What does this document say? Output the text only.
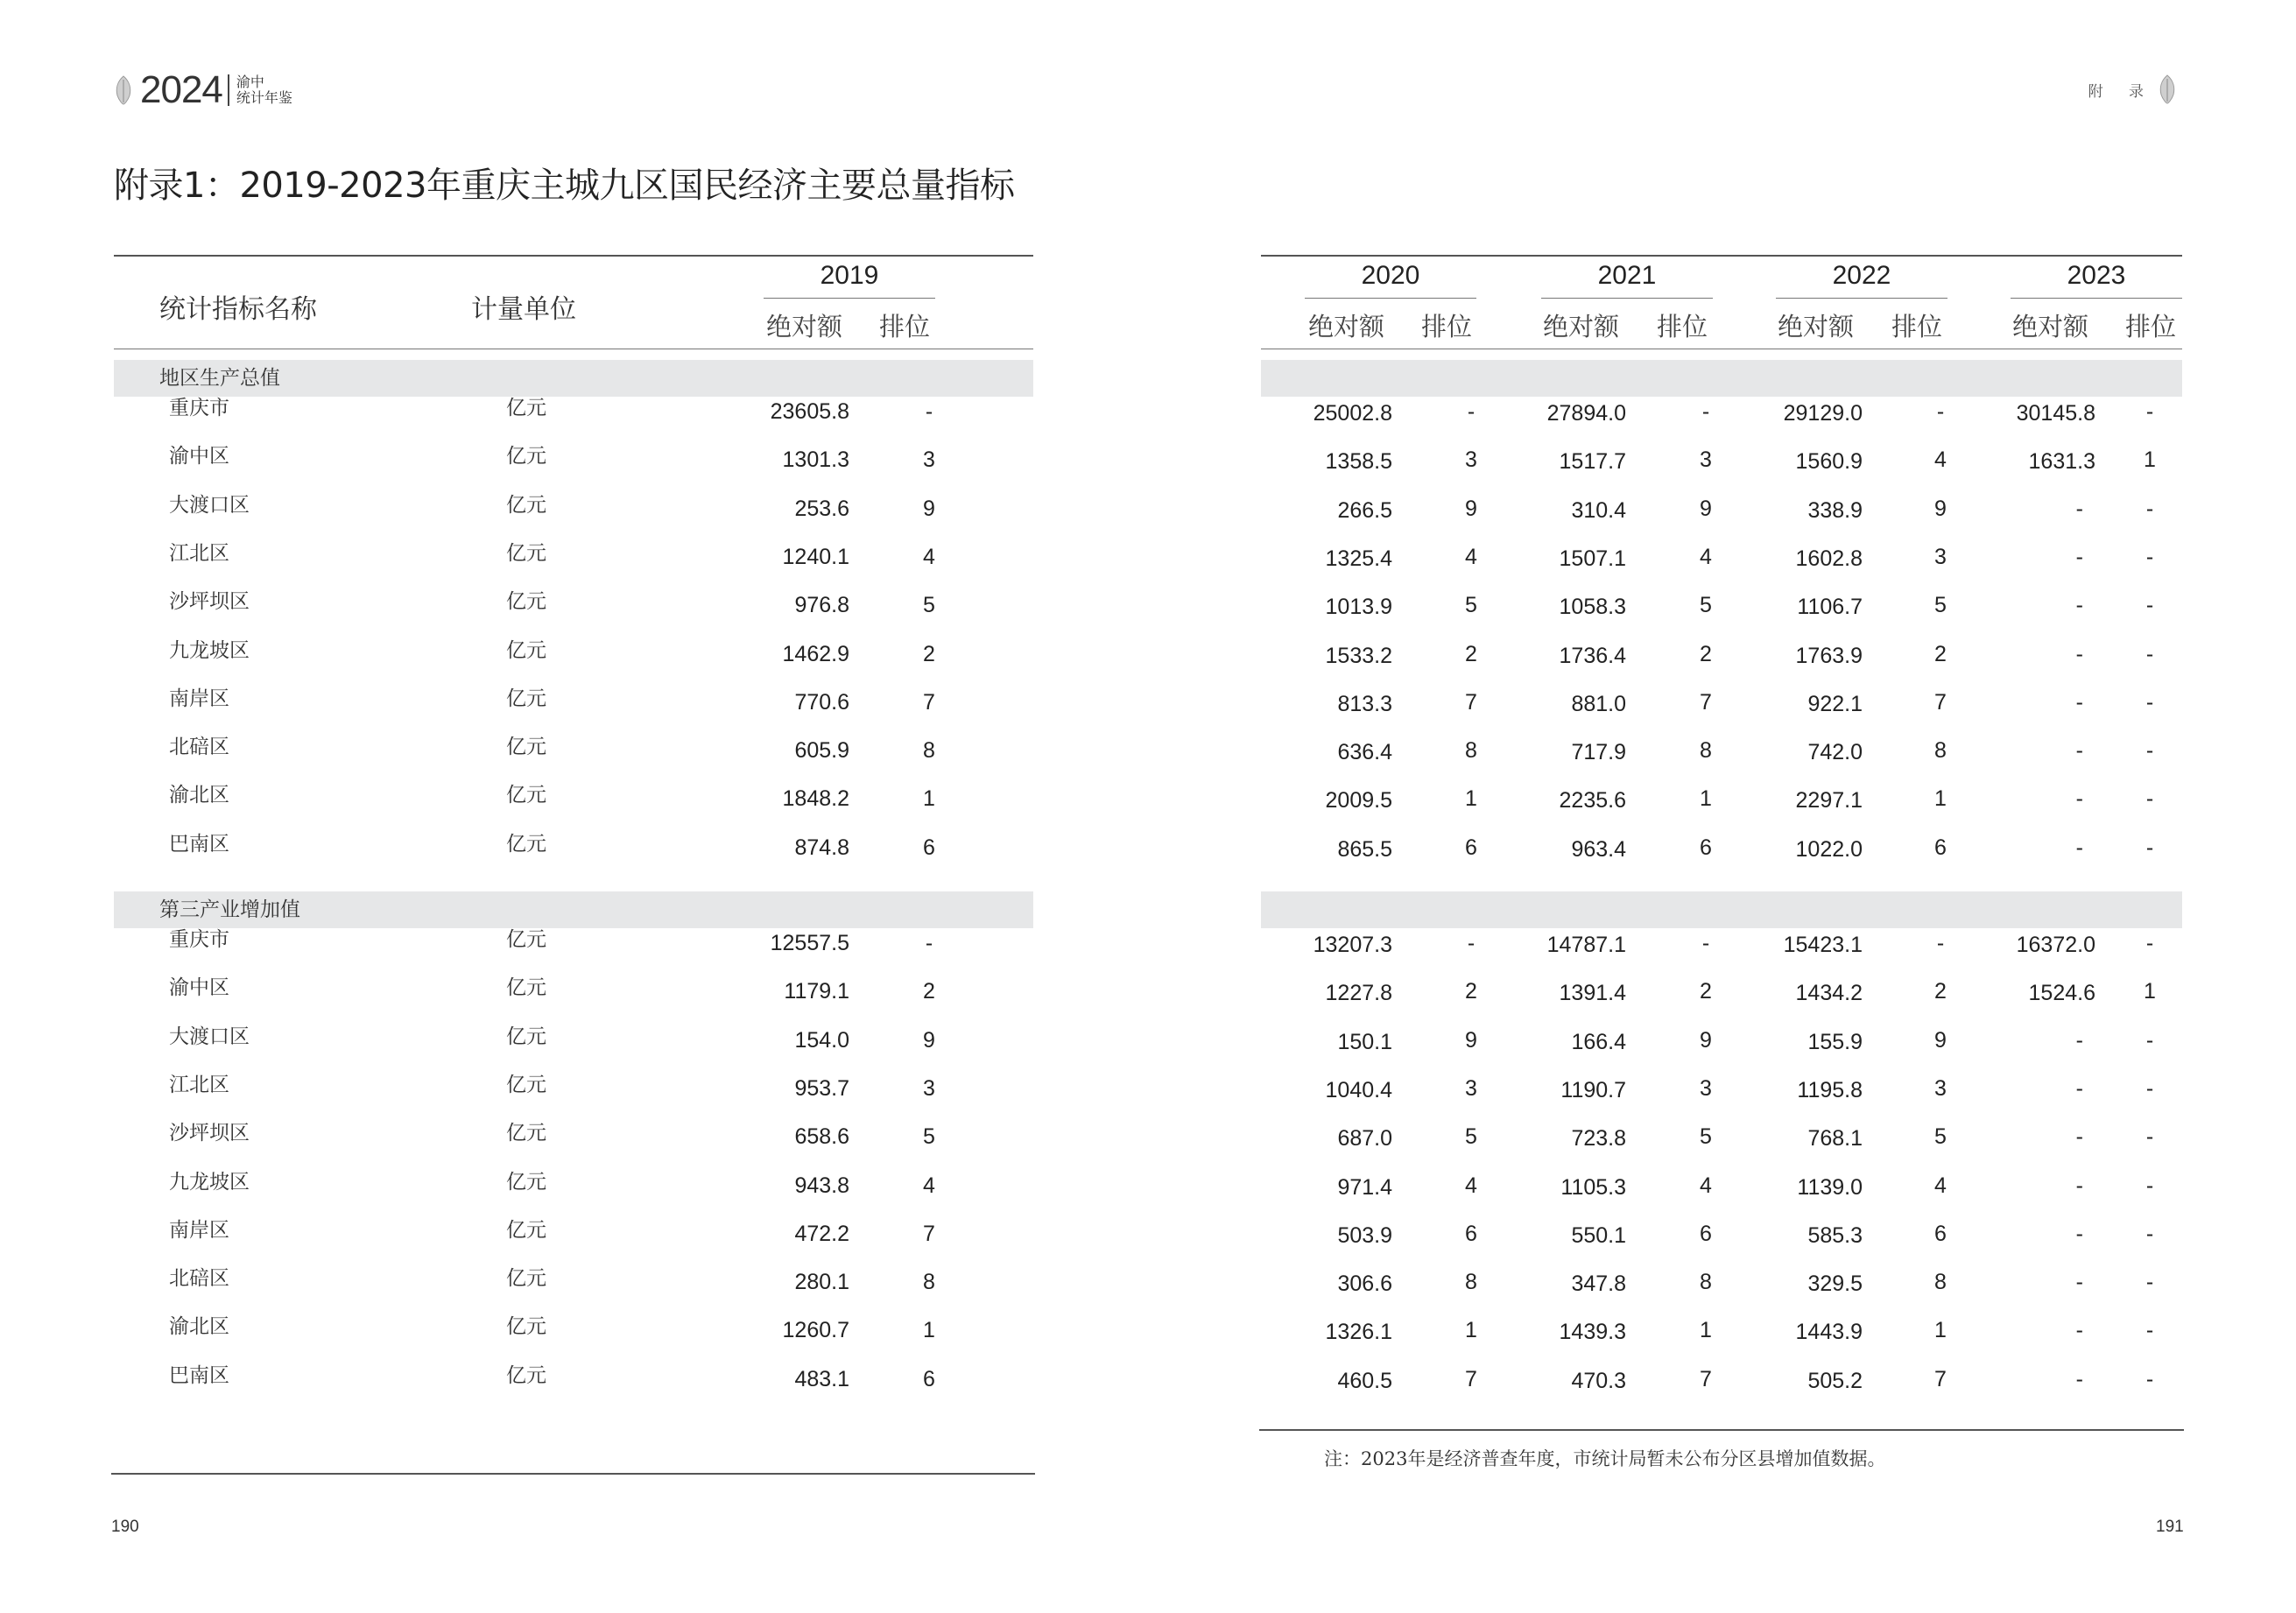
2024 渝中
统计年鉴	附 录
附录1：2019-2023年重庆主城九区国民经济主要总量指标
统计指标名称	计量单位
2019
绝对额 排位
2020
绝对额 排位
2021
绝对额 排位
2022
绝对额 排位
2023
绝对额 排位
地区生产总值
第三产业增加值
重庆市	亿元	23605.8	-	25002.8	-	27894.0	-	29129.0	-	30145.8	-
渝中区	亿元	1301.3	3	1358.5	3	1517.7	3	1560.9	4	1631.3	1
大渡口区	亿元	253.6	9	266.5	9	310.4	9	338.9	9	-	-
江北区	亿元	1240.1	4	1325.4	4	1507.1	4	1602.8	3	-	-
沙坪坝区	亿元	976.8	5	1013.9	5	1058.3	5	1106.7	5	-	-
九龙坡区	亿元	1462.9	2	1533.2	2	1736.4	2	1763.9	2	-	-
南岸区	亿元	770.6	7	813.3	7	881.0	7	922.1	7	-	-
北碚区	亿元	605.9	8	636.4	8	717.9	8	742.0	8	-	-
渝北区	亿元	1848.2	1	2009.5	1	2235.6	1	2297.1	1	-	-
巴南区	亿元	874.8	6	865.5	6	963.4	6	1022.0	6	-	-
重庆市	亿元	12557.5	-	13207.3	-	14787.1	-	15423.1	-	16372.0	-
渝中区	亿元	1179.1	2	1227.8	2	1391.4	2	1434.2	2	1524.6	1
大渡口区	亿元	154.0	9	150.1	9	166.4	9	155.9	9	-	-
江北区	亿元	953.7	3	1040.4	3	1190.7	3	1195.8	3	-	-
沙坪坝区	亿元	658.6	5	687.0	5	723.8	5	768.1	5	-	-
九龙坡区	亿元	943.8	4	971.4	4	1105.3	4	1139.0	4	-	-
南岸区	亿元	472.2	7	503.9	6	550.1	6	585.3	6	-	-
北碚区	亿元	280.1	8	306.6	8	347.8	8	329.5	8	-	-
渝北区	亿元	1260.7	1	1326.1	1	1439.3	1	1443.9	1	-	-
巴南区	亿元	483.1	6	460.5	7	470.3	7	505.2	7	-	-
注：2023年是经济普查年度，市统计局暂未公布分区县增加值数据。
190	191
